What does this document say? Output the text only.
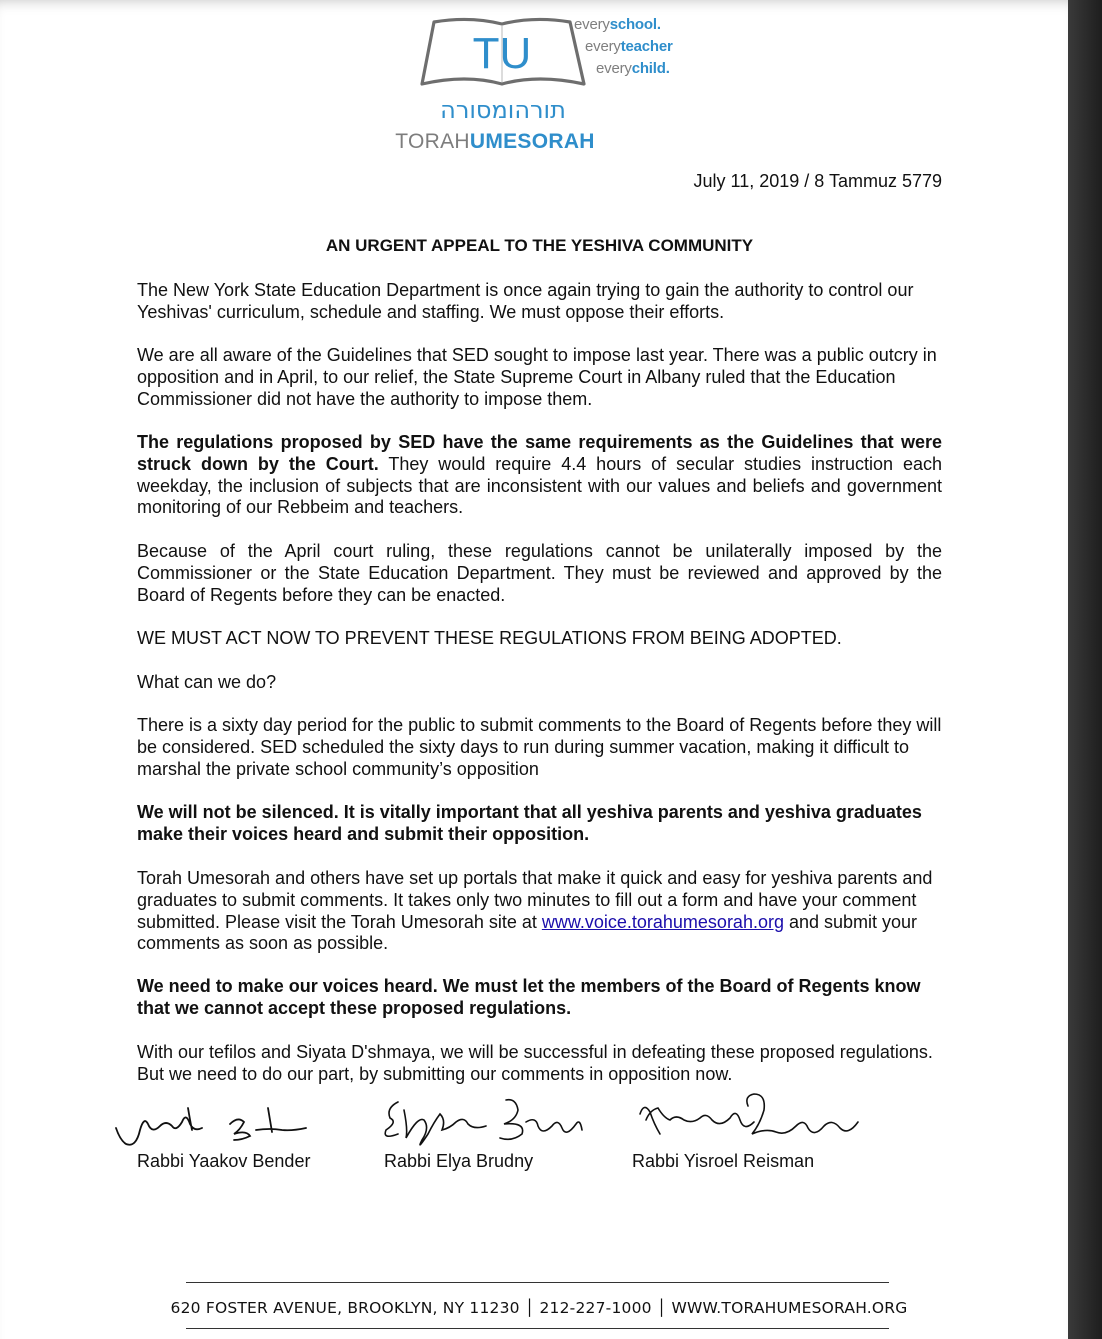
TU
everyschool.
everyteacher
everychild.
תורהומסורה
TORAHUMESORAH
July 11, 2019 / 8 Tammuz 5779
AN URGENT APPEAL TO THE YESHIVA COMMUNITY
The New York State Education Department is once again trying to gain the authority to control our Yeshivas' curriculum, schedule and staffing. We must oppose their efforts.
We are all aware of the Guidelines that SED sought to impose last year. There was a public outcry in opposition and in April, to our relief, the State Supreme Court in Albany ruled that the Education Commissioner did not have the authority to impose them.
The regulations proposed by SED have the same requirements as the Guidelines that were struck down by the Court. They would require 4.4 hours of secular studies instruction each weekday, the inclusion of subjects that are inconsistent with our values and beliefs and government monitoring of our Rebbeim and teachers.
Because of the April court ruling, these regulations cannot be unilaterally imposed by the Commissioner or the State Education Department. They must be reviewed and approved by the Board of Regents before they can be enacted.
WE MUST ACT NOW TO PREVENT THESE REGULATIONS FROM BEING ADOPTED.
What can we do?
There is a sixty day period for the public to submit comments to the Board of Regents before they will be considered. SED scheduled the sixty days to run during summer vacation, making it difficult to marshal the private school community’s opposition
We will not be silenced. It is vitally important that all yeshiva parents and yeshiva graduates make their voices heard and submit their opposition.
Torah Umesorah and others have set up portals that make it quick and easy for yeshiva parents and graduates to submit comments. It takes only two minutes to fill out a form and have your comment submitted. Please visit the Torah Umesorah site at www.voice.torahumesorah.org and submit your comments as soon as possible.
We need to make our voices heard. We must let the members of the Board of Regents know that we cannot accept these proposed regulations.
With our tefilos and Siyata D'shmaya, we will be successful in defeating these proposed regulations. But we need to do our part, by submitting our comments in opposition now.
Rabbi Yaakov Bender	Rabbi Elya Brudny	Rabbi Yisroel Reisman
620 FOSTER AVENUE, BROOKLYN, NY 11230 │ 212-227-1000 │ WWW.TORAHUMESORAH.ORG
